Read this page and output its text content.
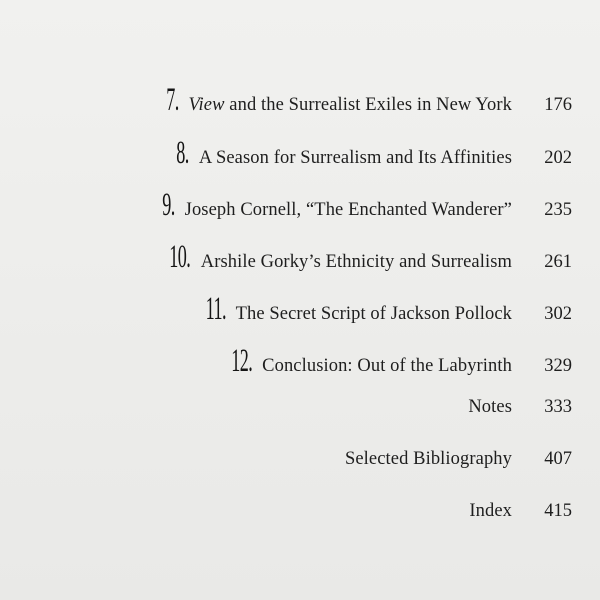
7. View and the Surrealist Exiles in New York	176
8. A Season for Surrealism and Its Affinities	202
9. Joseph Cornell, “The Enchanted Wanderer”	235
10. Arshile Gorky’s Ethnicity and Surrealism	261
11. The Secret Script of Jackson Pollock	302
12. Conclusion: Out of the Labyrinth	329
Notes	333
Selected Bibliography	407
Index	415
